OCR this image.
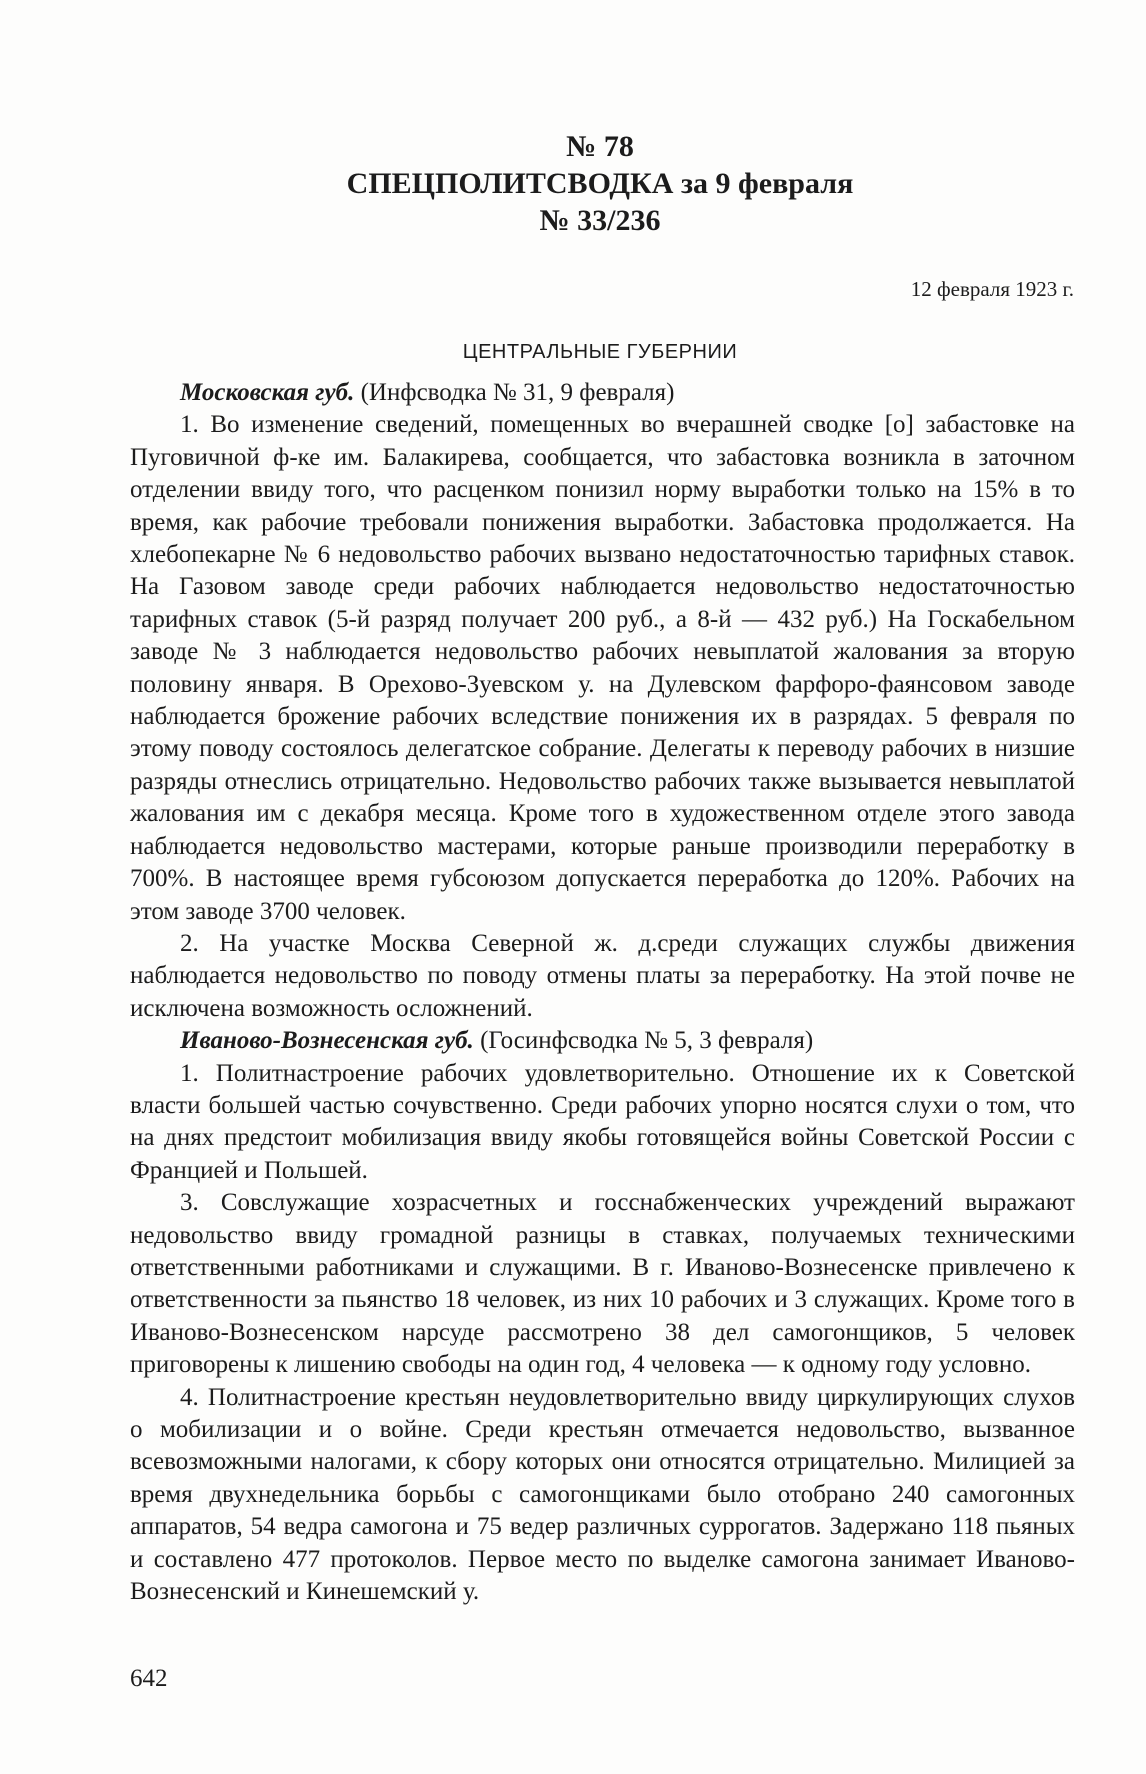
№ 78
СПЕЦПОЛИТСВОДКА за 9 февраля
№ 33/236
12 февраля 1923 г.
ЦЕНТРАЛЬНЫЕ ГУБЕРНИИ

Московская губ. (Инфсводка № 31, 9 февраля)

1. Во изменение сведений, помещенных во вчерашней сводке [о] забастовке на Пуговичной ф-ке им. Балакирева, сообщается, что забастовка возникла в заточном отделении ввиду того, что расценком понизил норму выработки только на 15% в то время, как рабочие требовали понижения выработки. Забастовка продолжается. На хлебопекарне № 6 недовольство рабочих вызвано недостаточностью тарифных ставок. На Газовом заводе среди рабочих наблюдается недовольство недостаточностью тарифных ставок (5-й разряд получает 200 руб., а 8-й — 432 руб.) На Госкабельном заводе № 3 наблюдается недовольство рабочих невыплатой жалования за вторую половину января. В Орехово-Зуевском у. на Дулевском фарфоро-фаянсовом заводе наблюдается брожение рабочих вследствие понижения их в разрядах. 5 февраля по этому поводу состоялось делегатское собрание. Делегаты к переводу рабочих в низшие разряды отнеслись отрицательно. Недовольство рабочих также вызывается невыплатой жалования им с декабря месяца. Кроме того в художественном отделе этого завода наблюдается недовольство мастерами, которые раньше производили переработку в 700%. В настоящее время губсоюзом допускается переработка до 120%. Рабочих на этом заводе 3700 человек.

2. На участке Москва Северной ж. д.среди служащих службы движения наблюдается недовольство по поводу отмены платы за переработку. На этой почве не исключена возможность осложнений.

Иваново-Вознесенская губ. (Госинфсводка № 5, 3 февраля)

1. Политнастроение рабочих удовлетворительно. Отношение их к Советской власти большей частью сочувственно. Среди рабочих упорно носятся слухи о том, что на днях предстоит мобилизация ввиду якобы готовящейся войны Советской России с Францией и Польшей.

3. Совслужащие хозрасчетных и госснабженческих учреждений выражают недовольство ввиду громадной разницы в ставках, получаемых техническими ответственными работниками и служащими. В г. Иваново-Вознесенске привлечено к ответственности за пьянство 18 человек, из них 10 рабочих и 3 служащих. Кроме того в Иваново-Вознесенском нарсуде рассмотрено 38 дел самогонщиков, 5 человек приговорены к лишению свободы на один год, 4 человека — к одному году условно.

4. Политнастроение крестьян неудовлетворительно ввиду циркулирующих слухов о мобилизации и о войне. Среди крестьян отмечается недовольство, вызванное всевозможными налогами, к сбору которых они относятся отрицательно. Милицией за время двухнедельника борьбы с самогонщиками было отобрано 240 самогонных аппаратов, 54 ведра самогона и 75 ведер различных суррогатов. Задержано 118 пьяных и составлено 477 протоколов. Первое место по выделке самогона занимает Иваново-Вознесенский и Кинешемский у.

642
